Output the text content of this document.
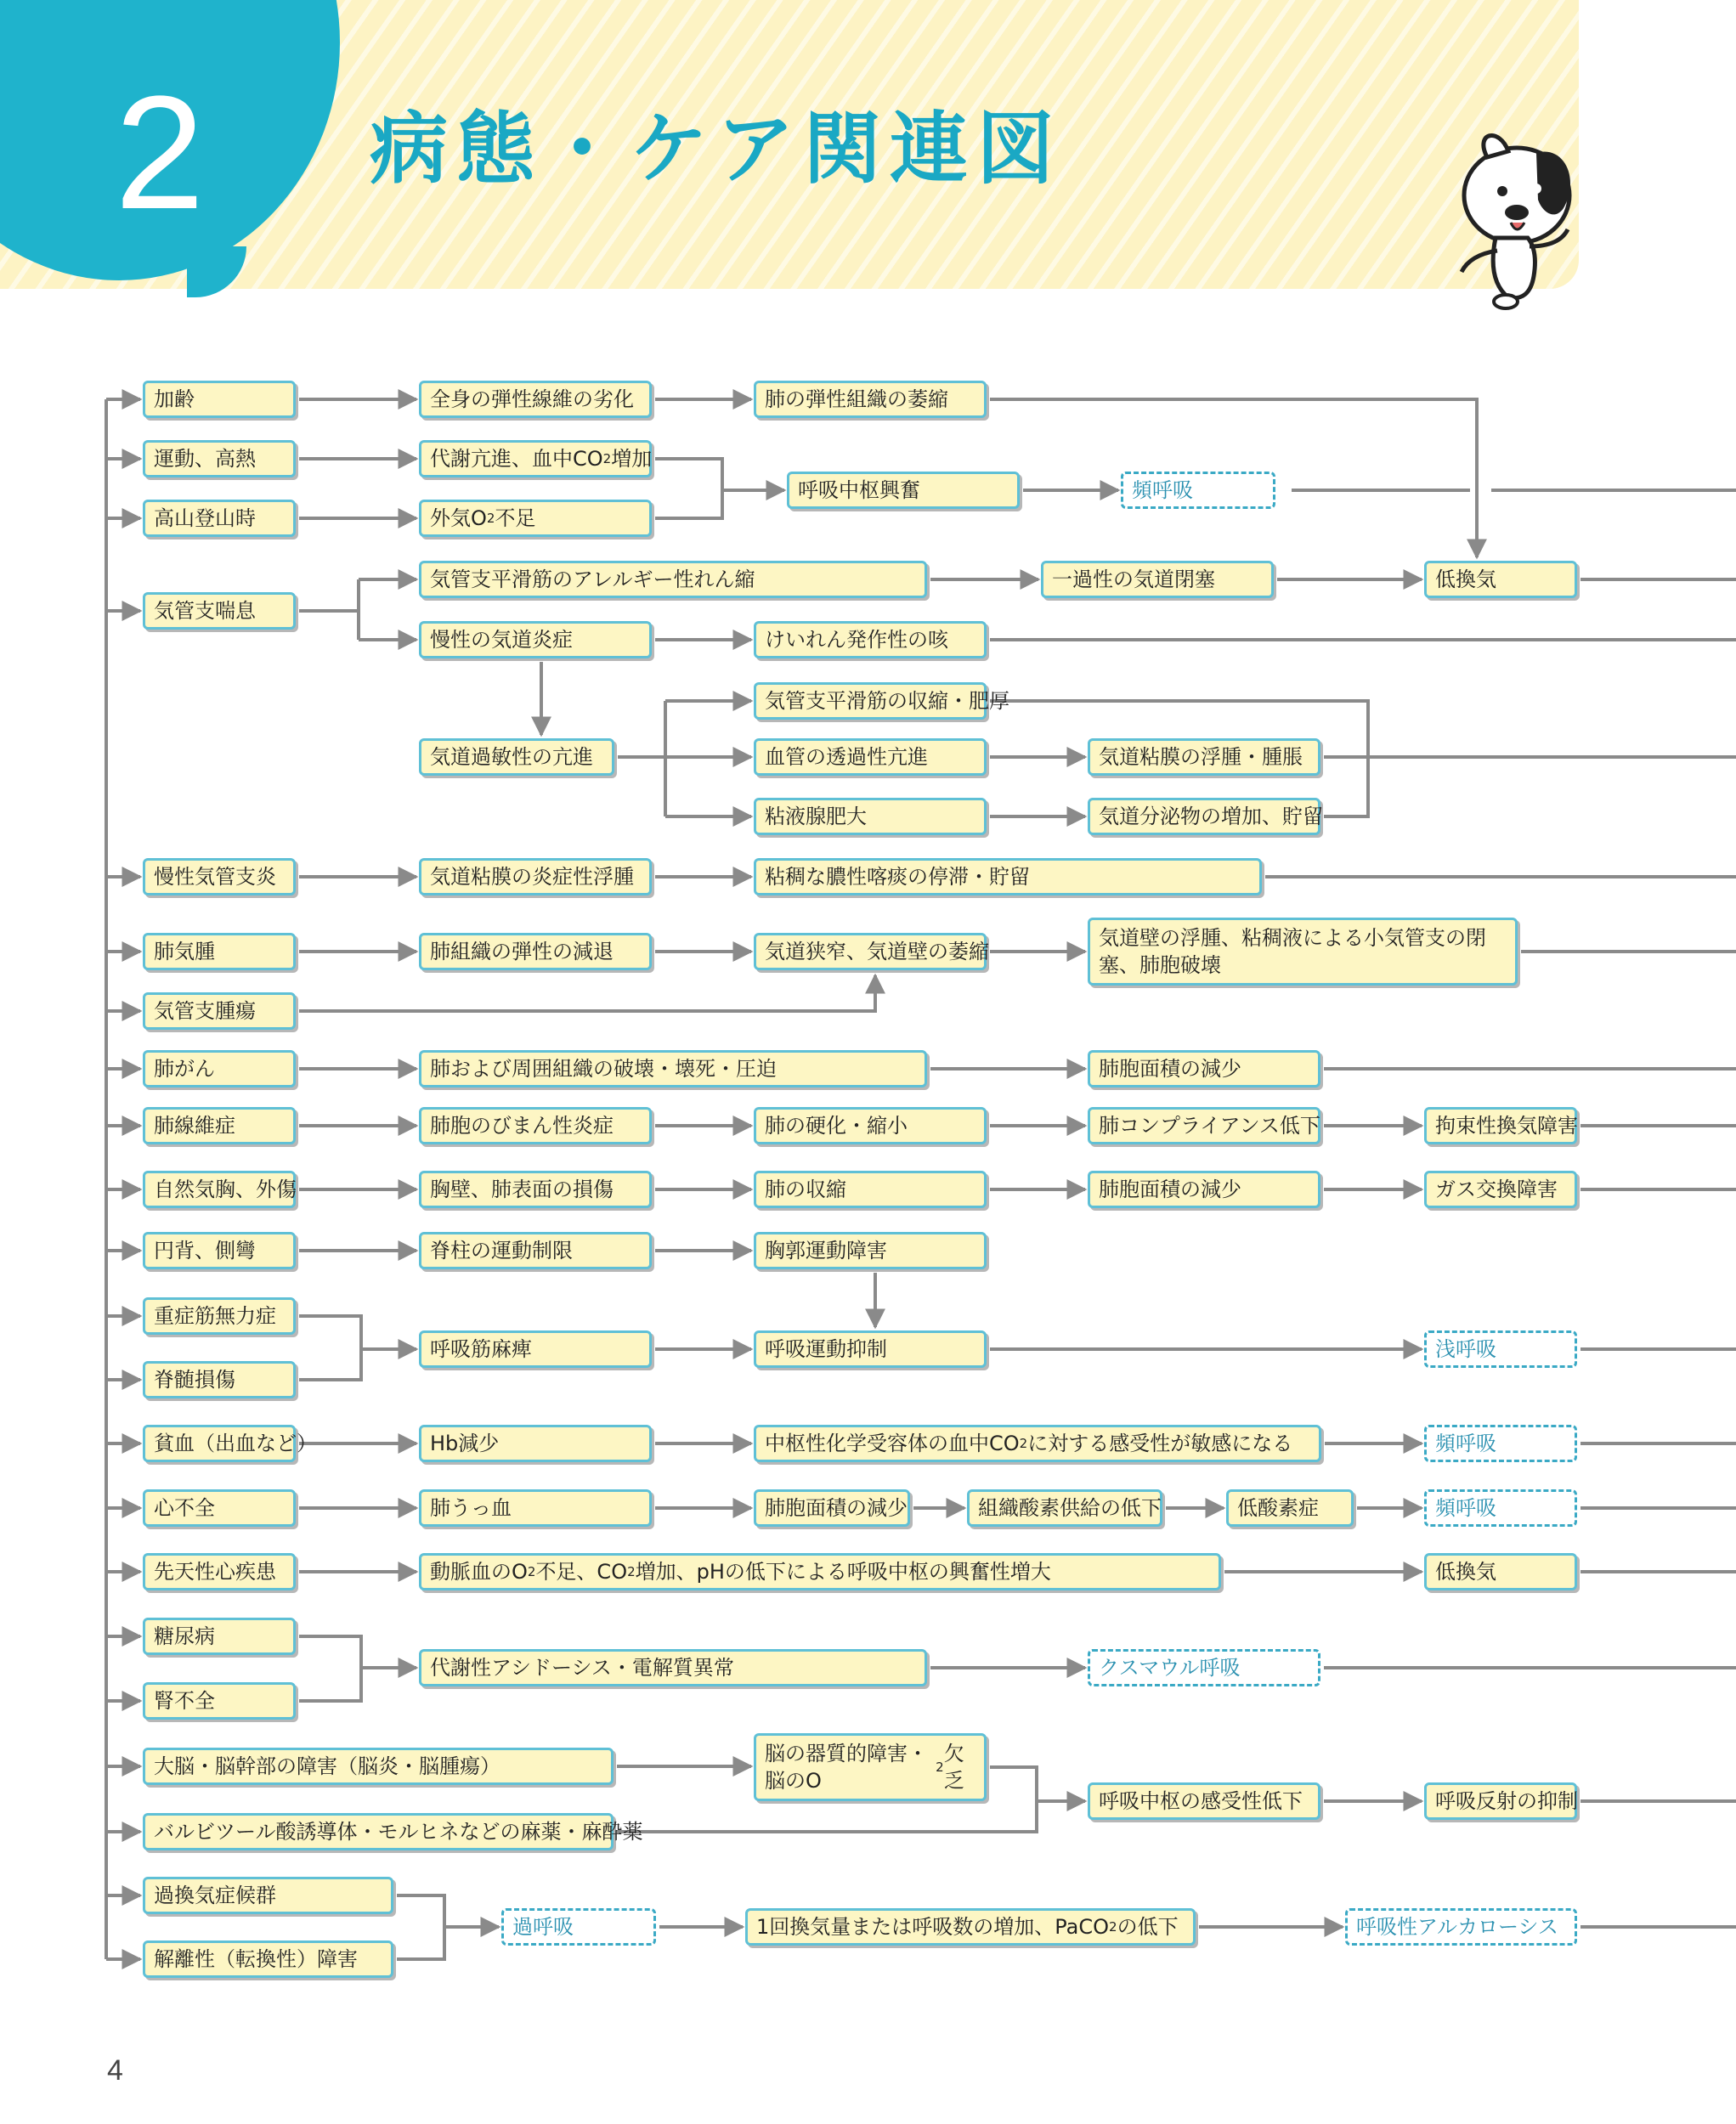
2 病態・ケア関連図
加齢
運動、高熱
高山登山時
気管支喘息
慢性気管支炎
肺気腫
気管支腫瘍
肺がん
肺線維症
自然気胸、外傷
円背、側彎
重症筋無力症
脊髄損傷
貧血（出血など）
心不全
先天性心疾患
糖尿病
腎不全
大脳・脳幹部の障害（脳炎・脳腫瘍）
バルビツール酸誘導体・モルヒネなどの麻薬・麻酔薬
過換気症候群
解離性（転換性）障害
全身の弾性線維の劣化
代謝亢進、血中CO 2 増加
外気O 2 不足
気管支平滑筋のアレルギー性れん縮
慢性の気道炎症
気道過敏性の亢進
気道粘膜の炎症性浮腫
肺組織の弾性の減退
肺および周囲組織の破壊・壊死・圧迫
肺胞のびまん性炎症
胸壁、肺表面の損傷
脊柱の運動制限
呼吸筋麻痺
Hb減少
肺うっ血
動脈血のO 2 不足、CO 2 増加、pHの低下による呼吸中枢の興奮性増大
代謝性アシドーシス・電解質異常
過呼吸
肺の弾性組織の萎縮
呼吸中枢興奮
けいれん発作性の咳
気管支平滑筋の収縮・肥厚
血管の透過性亢進
粘液腺肥大
粘稠な膿性喀痰の停滞・貯留
気道狭窄、気道壁の萎縮
肺の硬化・縮小
肺の収縮
胸郭運動障害
呼吸運動抑制
中枢性化学受容体の血中CO 2 に対する感受性が敏感になる
肺胞面積の減少
脳の器質的障害・脳のO
2
欠乏
1回換気量または呼吸数の増加、PaCO 2 の低下
頻呼吸
気道粘膜の浮腫・腫脹
気道分泌物の増加、貯留
気道壁の浮腫、粘稠液による小気管支の閉塞、肺胞破壊
肺胞面積の減少
肺コンプライアンス低下
肺胞面積の減少
組織酸素供給の低下
クスマウル呼吸
呼吸中枢の感受性低下
一過性の気道閉塞
低酸素症
低換気
拘束性換気障害
ガス交換障害
浅呼吸
頻呼吸
頻呼吸
低換気
呼吸反射の抑制
呼吸性アルカローシス
4
